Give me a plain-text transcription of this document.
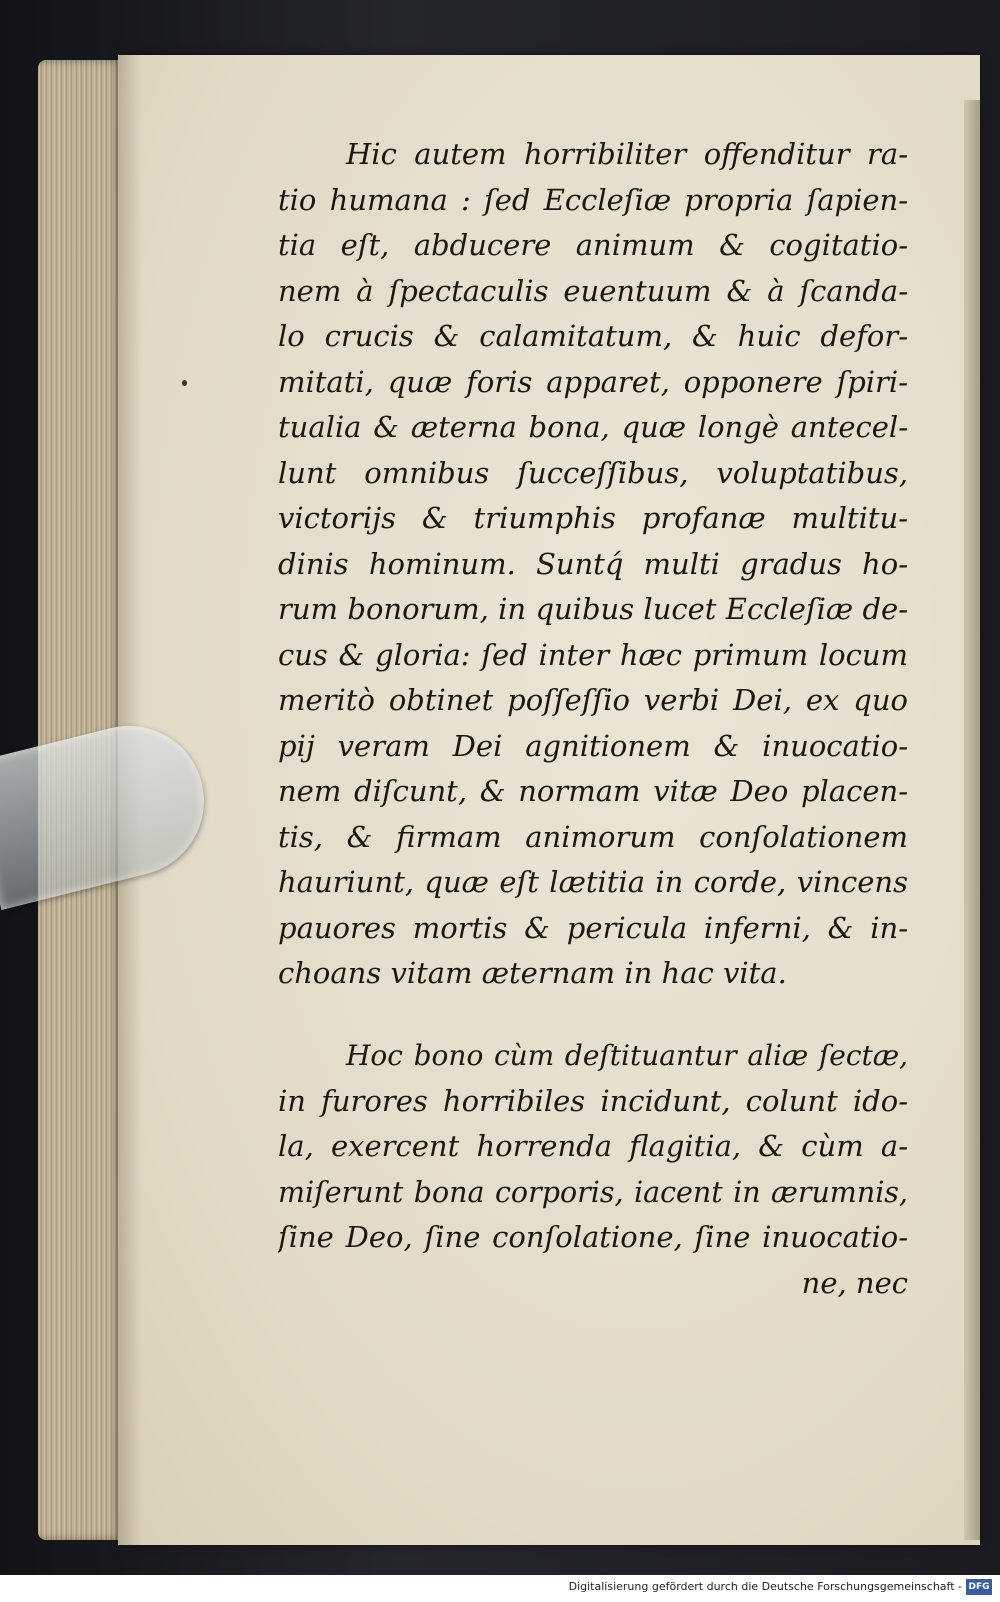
Hic autem horribiliter offenditur ra-
tio humana : ſed Eccleſiæ propria ſapien-
tia eſt, abducere animum & cogitatio-
nem à ſpectaculis euentuum & à ſcanda-
lo crucis & calamitatum, & huic defor-
mitati, quæ foris apparet, opponere ſpiri-
tualia & æterna bona, quæ longè antecel-
lunt omnibus ſucceſſibus, voluptatibus,
victorijs & triumphis profanæ multitu-
dinis hominum. Suntq́ multi gradus ho-
rum bonorum, in quibus lucet Eccleſiæ de-
cus & gloria: ſed inter hæc primum locum
meritò obtinet poſſeſſio verbi Dei, ex quo
pij veram Dei agnitionem & inuocatio-
nem diſcunt, & normam vitæ Deo placen-
tis, & firmam animorum conſolationem
hauriunt, quæ eſt lætitia in corde, vincens
pauores mortis & pericula inferni, & in-
choans vitam æternam in hac vita.
Hoc bono cùm deſtituantur aliæ ſectæ,
in furores horribiles incidunt, colunt ido-
la, exercent horrenda flagitia, & cùm a-
miſerunt bona corporis, iacent in ærumnis,
ſine Deo, ſine conſolatione, ſine inuocatio-
ne, nec
Digitalisierung gefördert durch die Deutsche Forschungsgemeinschaft - DFG
